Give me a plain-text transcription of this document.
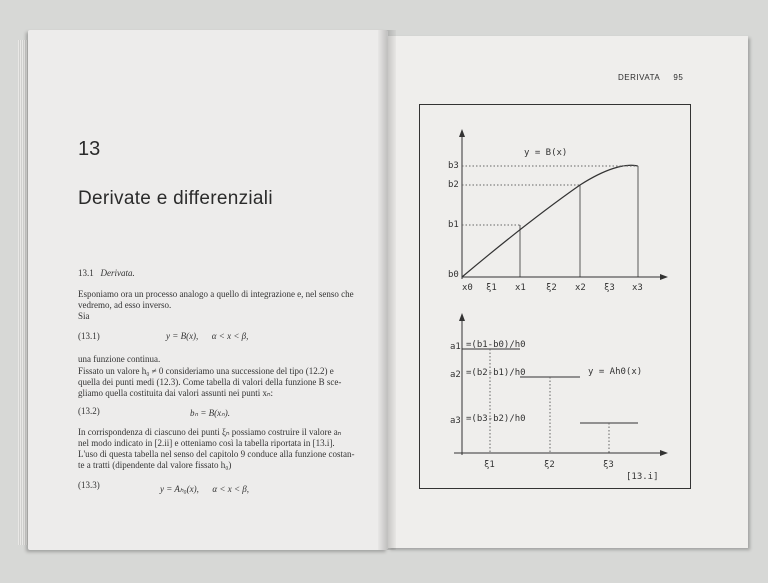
13
Derivate e differenziali
13.1 Derivata.
Esponiamo ora un processo analogo a quello di integrazione e, nel senso che
vedremo, ad esso inverso.
Sia
(13.1)	y = B(x),      α < x < β,
una funzione continua.
Fissato un valore h₀ ≠ 0 consideriamo una successione del tipo (12.2) e
quella dei punti medi (12.3). Come tabella di valori della funzione B sce-
gliamo quella costituita dai valori assunti nei punti xₙ:
(13.2)	bₙ = B(xₙ).
In corrispondenza di ciascuno dei punti ξₙ possiamo costruire il valore aₙ
nel modo indicato in [2.ii] e otteniamo così la tabella riportata in [13.i].
L'uso di questa tabella nel senso del capitolo 9 conduce alla funzione costan-
te a tratti (dipendente dal valore fissato h₀)
(13.3)	y = Aₕ₀(x),      α < x < β,
DERIVATA 95
y = B(x)
b0
b1
b2
b3
x0 ξ1 x1 ξ2 x2 ξ3 x3
a1
a2
a3
=(b1-b0)/h0
=(b2-b1)/h0
=(b3-b2)/h0
y = Ah0(x)
ξ1	ξ2	ξ3
[13.i]
